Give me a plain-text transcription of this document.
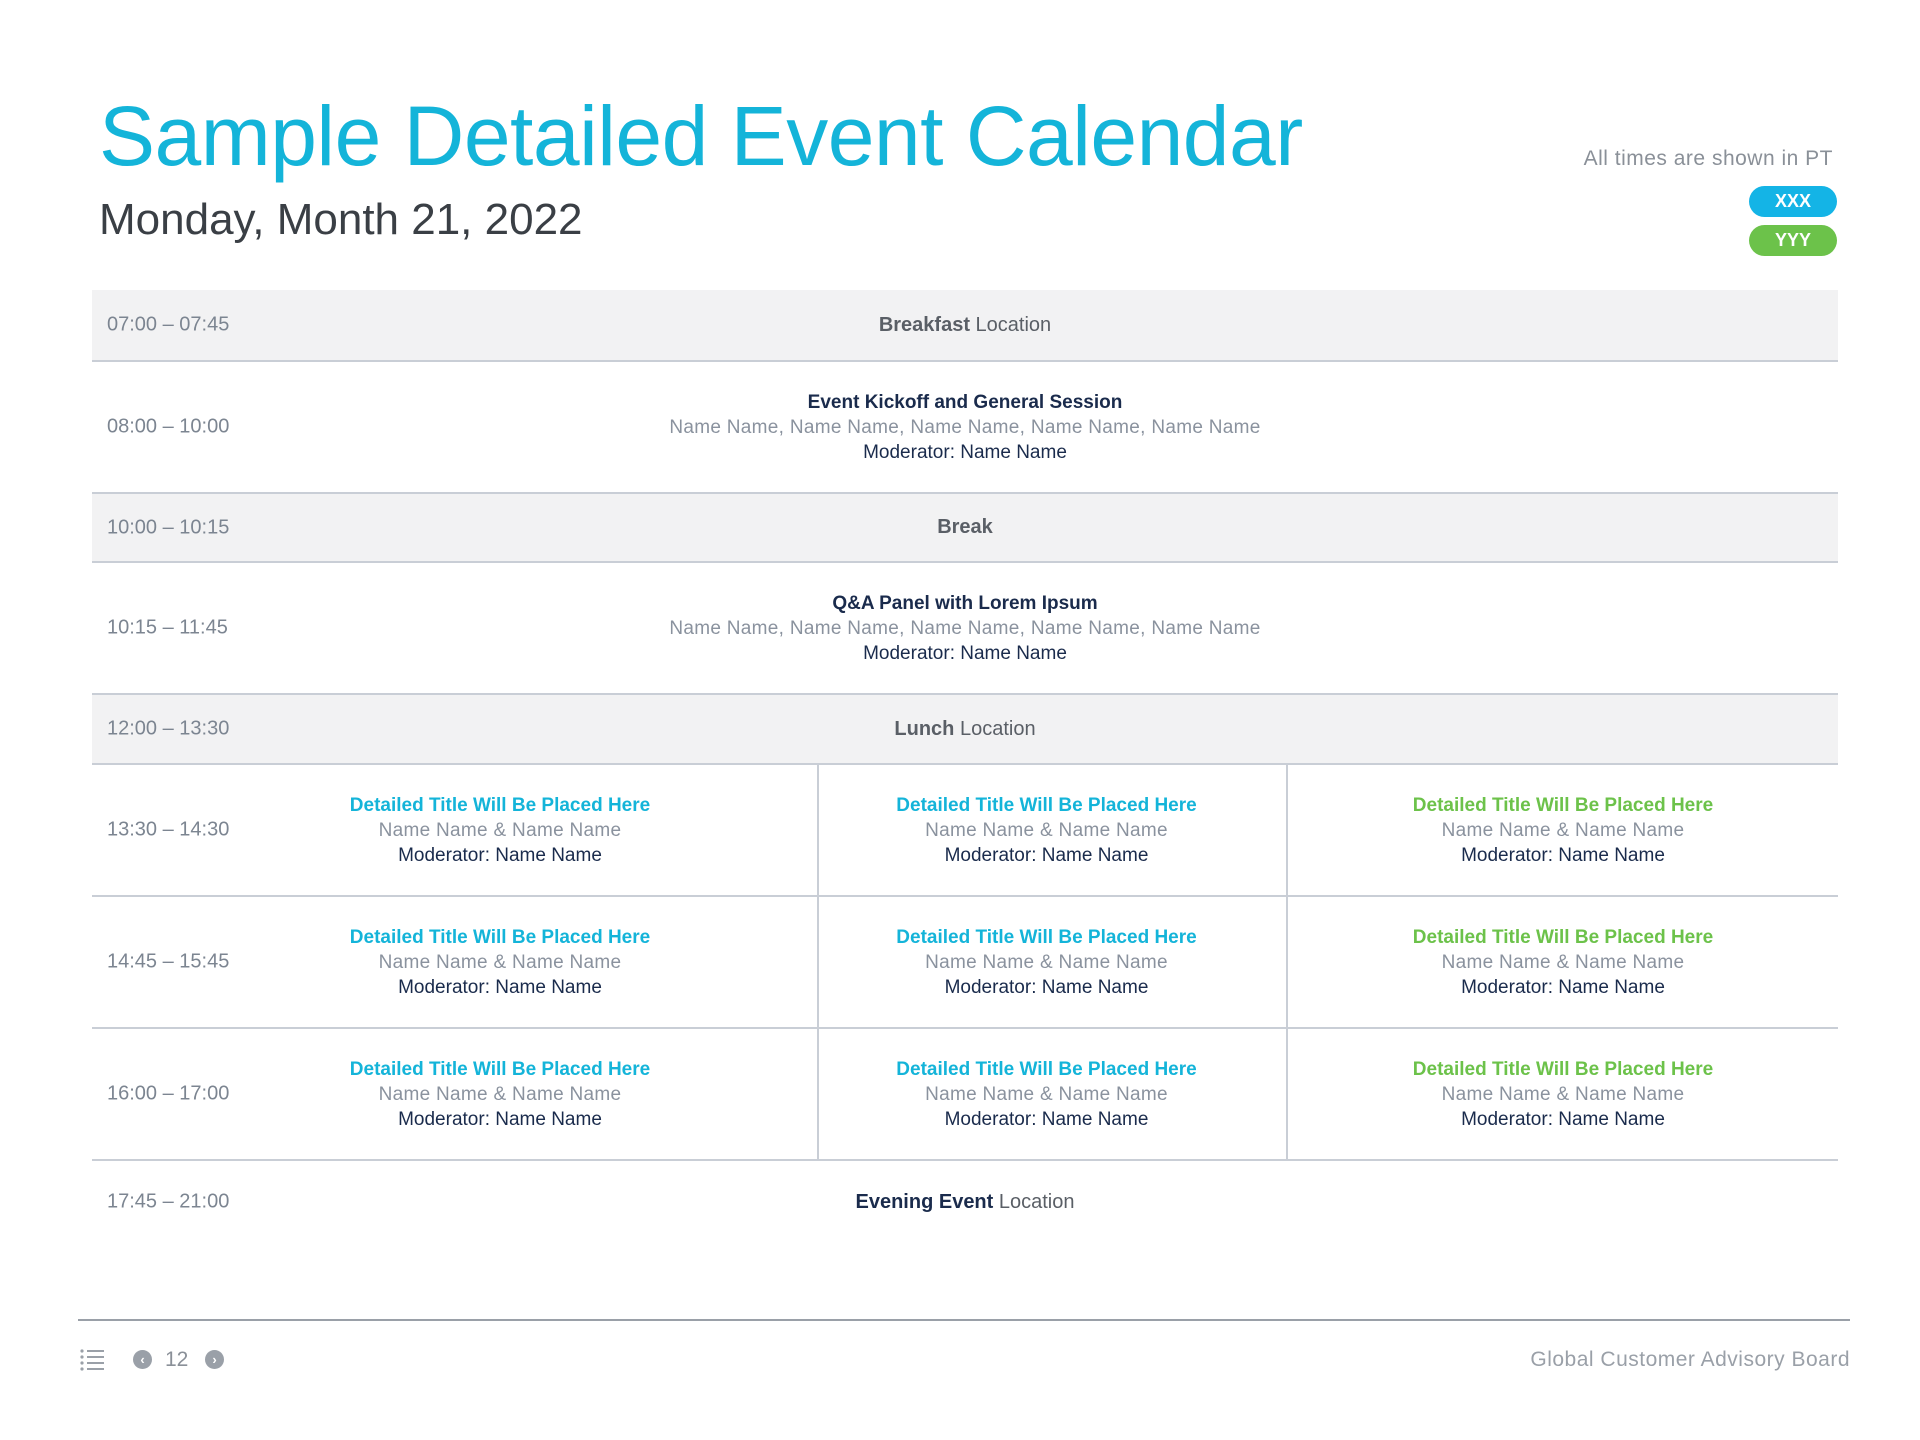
Sample Detailed Event Calendar
Monday, Month 21, 2022
All times are shown in PT
XXX
YYY
07:00 – 07:45	Breakfast Location
08:00 – 10:00
Event Kickoff and General Session
Name Name, Name Name, Name Name, Name Name, Name Name
Moderator: Name Name
10:00 – 10:15	Break
10:15 – 11:45
Q&A Panel with Lorem Ipsum
Name Name, Name Name, Name Name, Name Name, Name Name
Moderator: Name Name
12:00 – 13:30	Lunch Location
13:30 – 14:30
Detailed Title Will Be Placed Here
Name Name & Name Name
Moderator: Name Name
Detailed Title Will Be Placed Here
Name Name & Name Name
Moderator: Name Name
Detailed Title Will Be Placed Here
Name Name & Name Name
Moderator: Name Name
14:45 – 15:45
Detailed Title Will Be Placed Here
Name Name & Name Name
Moderator: Name Name
Detailed Title Will Be Placed Here
Name Name & Name Name
Moderator: Name Name
Detailed Title Will Be Placed Here
Name Name & Name Name
Moderator: Name Name
16:00 – 17:00
Detailed Title Will Be Placed Here
Name Name & Name Name
Moderator: Name Name
Detailed Title Will Be Placed Here
Name Name & Name Name
Moderator: Name Name
Detailed Title Will Be Placed Here
Name Name & Name Name
Moderator: Name Name
17:45 – 21:00	Evening Event Location
‹ 12	›	Global Customer Advisory Board
